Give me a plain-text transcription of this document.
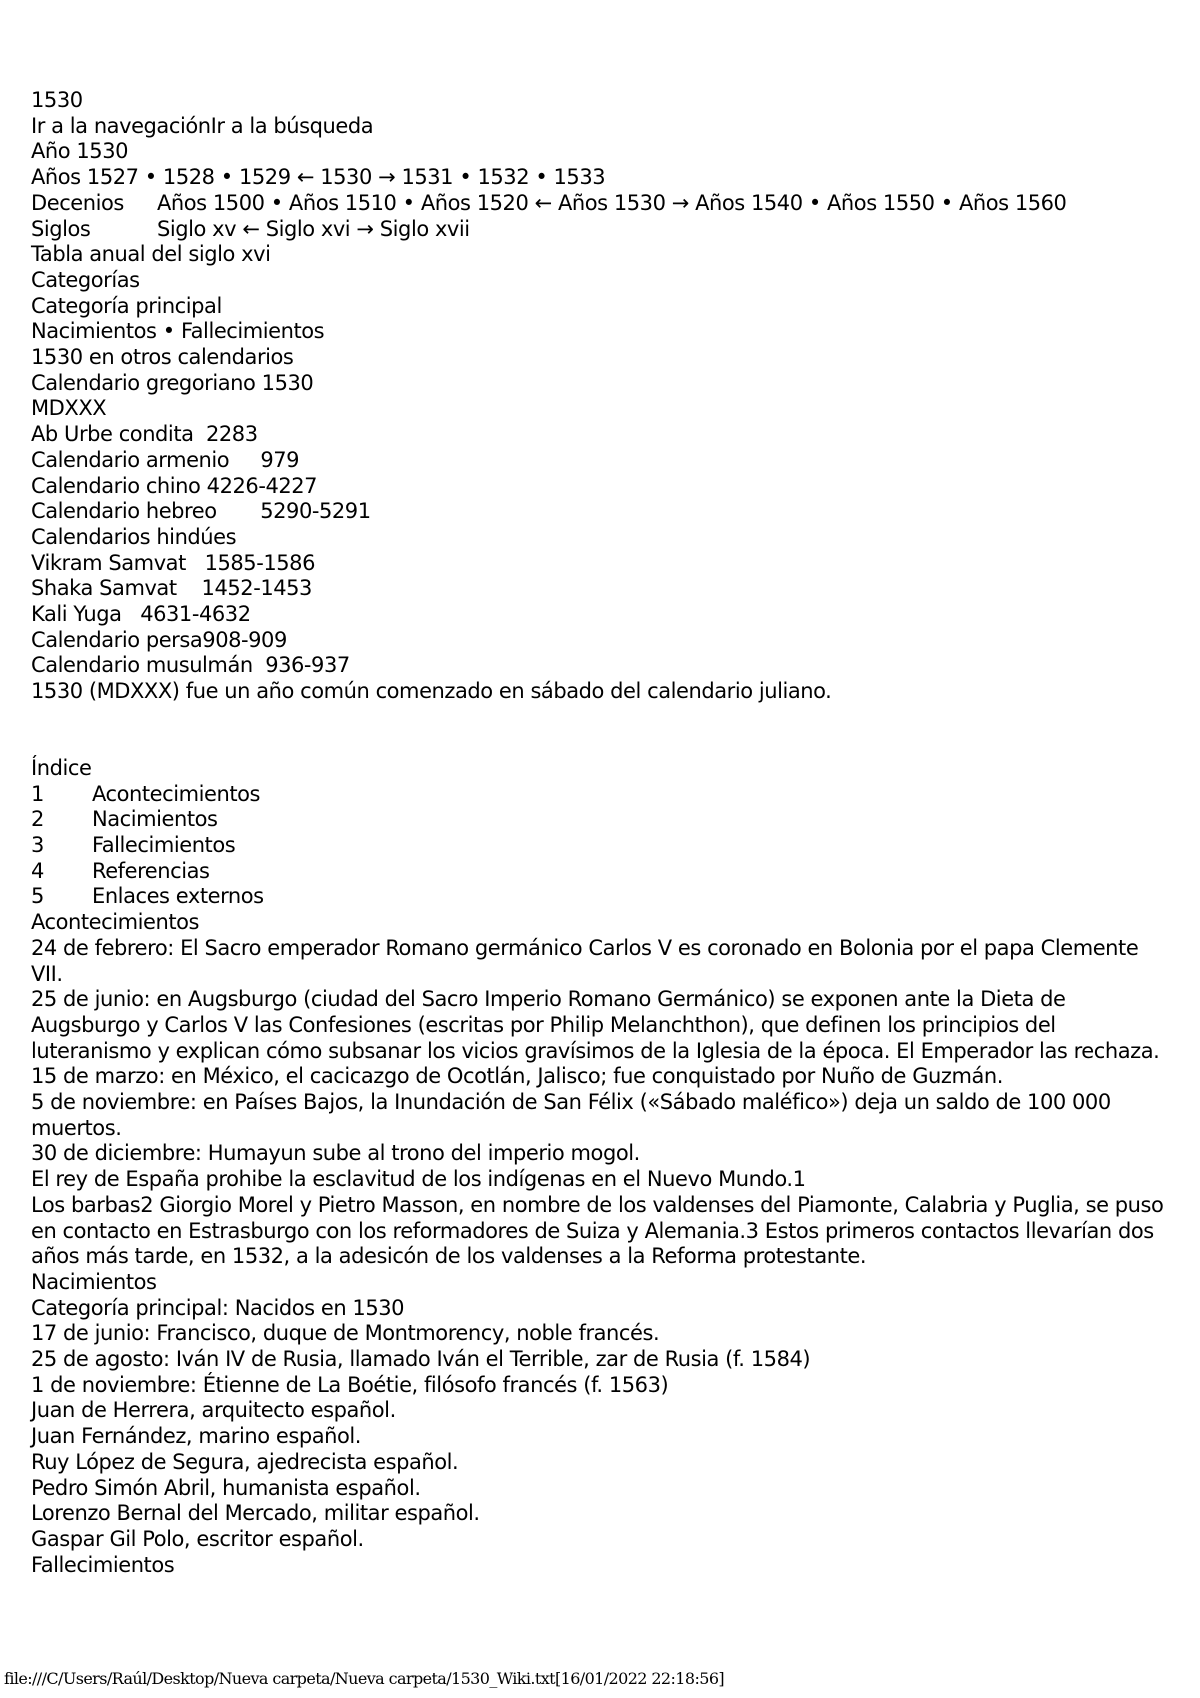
1530
Ir a la navegaciónIr a la búsqueda
Año 1530
Años 1527 • 1528 • 1529 ← 1530 → 1531 • 1532 • 1533
Decenios Años 1500 • Años 1510 • Años 1520 ← Años 1530 → Años 1540 • Años 1550 • Años 1560
Siglos	Siglo xv ← Siglo xvi → Siglo xvii
Tabla anual del siglo xvi
Categorías
Categoría principal
Nacimientos • Fallecimientos
1530 en otros calendarios
Calendario gregoriano 1530
MDXXX
Ab Urbe condita 2283
Calendario armenio 979
Calendario chino 4226-4227
Calendario hebreo 5290-5291
Calendarios hindúes
Vikram Samvat 1585-1586
Shaka Samvat 1452-1453
Kali Yuga 4631-4632
Calendario persa908-909
Calendario musulmán 936-937
1530 (MDXXX) fue un año común comenzado en sábado del calendario juliano.
Índice
1 Acontecimientos
2 Nacimientos
3 Fallecimientos
4 Referencias
5 Enlaces externos
Acontecimientos
24 de febrero: El Sacro emperador Romano germánico Carlos V es coronado en Bolonia por el papa Clemente VII.
25 de junio: en Augsburgo (ciudad del Sacro Imperio Romano Germánico) se exponen ante la Dieta de Augsburgo y Carlos V las Confesiones (escritas por Philip Melanchthon), que definen los principios del luteranismo y explican cómo subsanar los vicios gravísimos de la Iglesia de la época. El Emperador las rechaza.
15 de marzo: en México, el cacicazgo de Ocotlán, Jalisco; fue conquistado por Nuño de Guzmán.
5 de noviembre: en Países Bajos, la Inundación de San Félix («Sábado maléfico») deja un saldo de 100 000 muertos.
30 de diciembre: Humayun sube al trono del imperio mogol.
El rey de España prohibe la esclavitud de los indígenas en el Nuevo Mundo.1
Los barbas2 Giorgio Morel y Pietro Masson, en nombre de los valdenses del Piamonte, Calabria y Puglia, se puso en contacto en Estrasburgo con los reformadores de Suiza y Alemania.3 Estos primeros contactos llevarían dos años más tarde, en 1532, a la adesicón de los valdenses a la Reforma protestante.
Nacimientos
Categoría principal: Nacidos en 1530
17 de junio: Francisco, duque de Montmorency, noble francés.
25 de agosto: Iván IV de Rusia, llamado Iván el Terrible, zar de Rusia (f. 1584)
1 de noviembre: Étienne de La Boétie, filósofo francés (f. 1563)
Juan de Herrera, arquitecto español.
Juan Fernández, marino español.
Ruy López de Segura, ajedrecista español.
Pedro Simón Abril, humanista español.
Lorenzo Bernal del Mercado, militar español.
Gaspar Gil Polo, escritor español.
Fallecimientos
file:///C/Users/Raúl/Desktop/Nueva carpeta/Nueva carpeta/1530_Wiki.txt[16/01/2022 22:18:56]
